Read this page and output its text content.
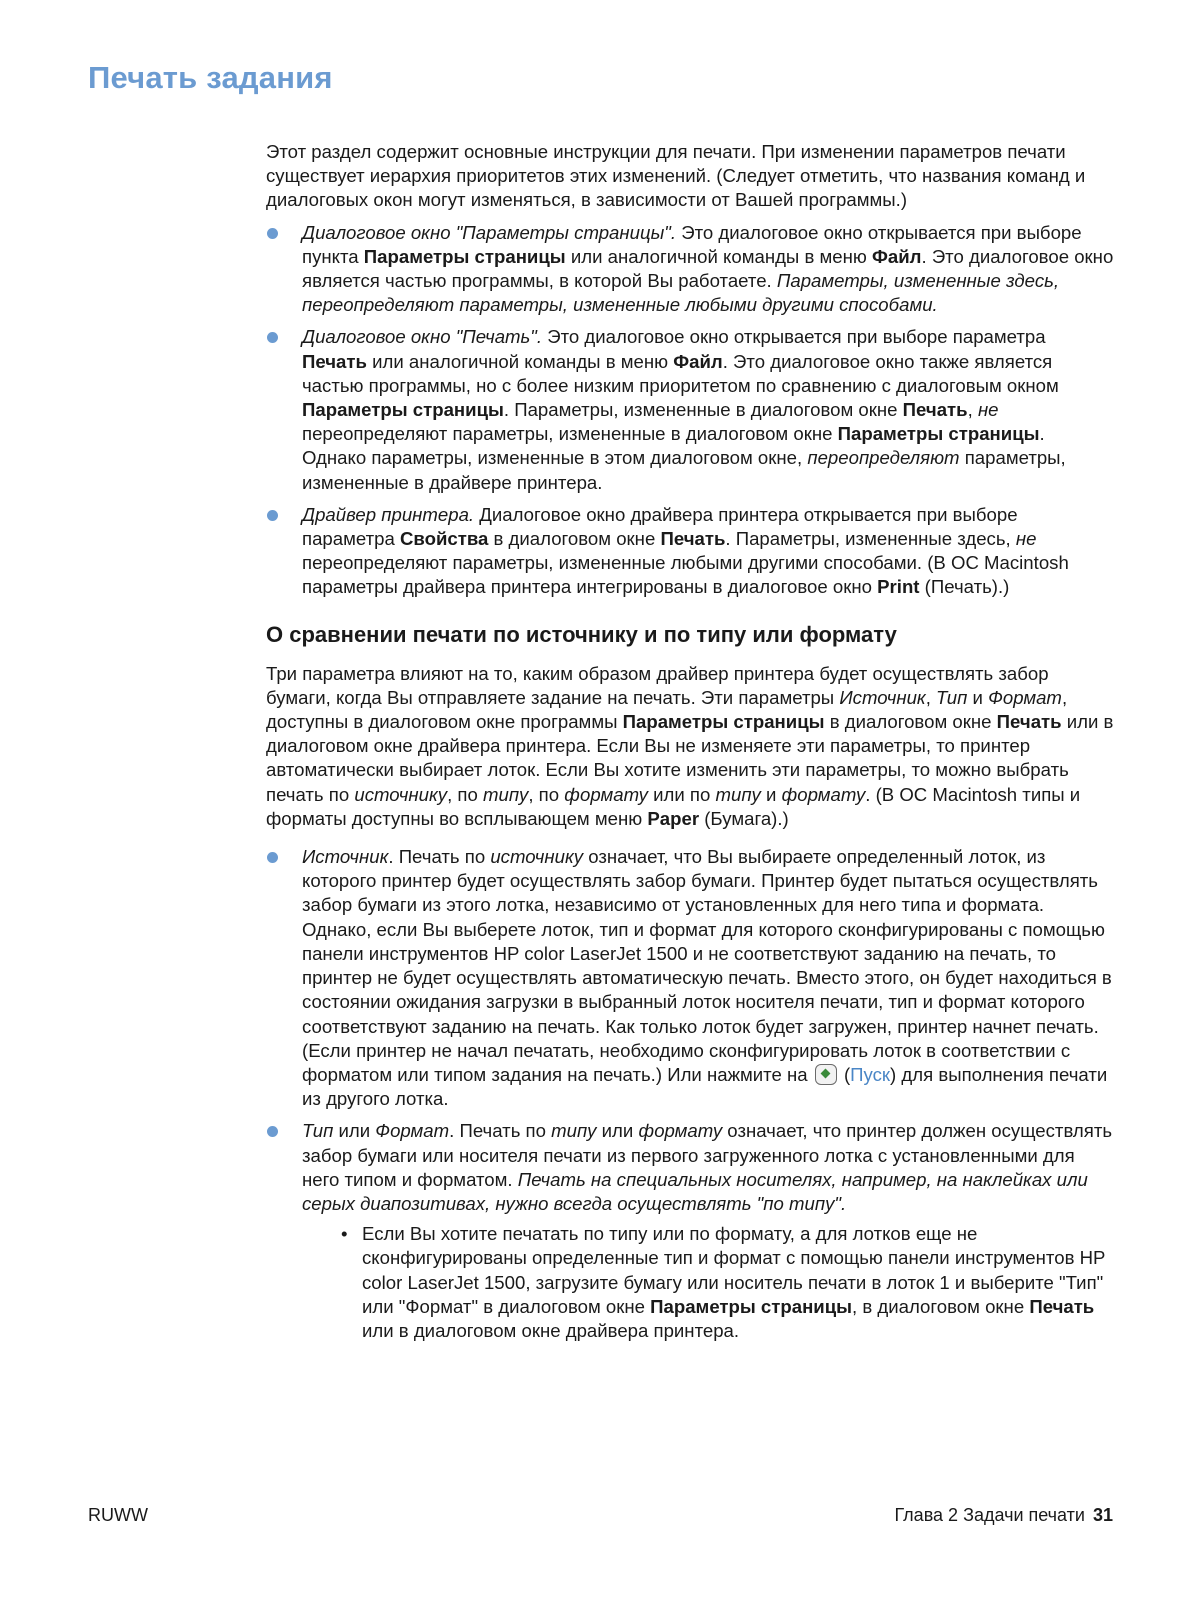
Печать задания

Этот раздел содержит основные инструкции для печати. При изменении параметров печати существует иерархия приоритетов этих изменений. (Следует отметить, что названия команд и диалоговых окон могут изменяться, в зависимости от Вашей программы.)

Диалоговое окно "Параметры страницы". Это диалоговое окно открывается при выборе пункта Параметры страницы или аналогичной команды в меню Файл. Это диалоговое окно является частью программы, в которой Вы работаете. Параметры, измененные здесь, переопределяют параметры, измененные любыми другими способами.

Диалоговое окно "Печать". Это диалоговое окно открывается при выборе параметра Печать или аналогичной команды в меню Файл. Это диалоговое окно также является частью программы, но с более низким приоритетом по сравнению с диалоговым окном Параметры страницы. Параметры, измененные в диалоговом окне Печать, не переопределяют параметры, измененные в диалоговом окне Параметры страницы. Однако параметры, измененные в этом диалоговом окне, переопределяют параметры, измененные в драйвере принтера.

Драйвер принтера. Диалоговое окно драйвера принтера открывается при выборе параметра Свойства в диалоговом окне Печать. Параметры, измененные здесь, не переопределяют параметры, измененные любыми другими способами. (В ОС Macintosh параметры драйвера принтера интегрированы в диалоговое окно Print (Печать).)

О сравнении печати по источнику и по типу или формату

Три параметра влияют на то, каким образом драйвер принтера будет осуществлять забор бумаги, когда Вы отправляете задание на печать. Эти параметры Источник, Тип и Формат, доступны в диалоговом окне программы Параметры страницы в диалоговом окне Печать или в диалоговом окне драйвера принтера. Если Вы не изменяете эти параметры, то принтер автоматически выбирает лоток. Если Вы хотите изменить эти параметры, то можно выбрать печать по источнику, по типу, по формату или по типу и формату. (В ОС Macintosh типы и форматы доступны во всплывающем меню Paper (Бумага).)

Источник. Печать по источнику означает, что Вы выбираете определенный лоток, из которого принтер будет осуществлять забор бумаги. Принтер будет пытаться осуществлять забор бумаги из этого лотка, независимо от установленных для него типа и формата. Однако, если Вы выберете лоток, тип и формат для которого сконфигурированы с помощью панели инструментов HP color LaserJet 1500 и не соответствуют заданию на печать, то принтер не будет осуществлять автоматическую печать. Вместо этого, он будет находиться в состоянии ожидания загрузки в выбранный лоток носителя печати, тип и формат которого соответствуют заданию на печать. Как только лоток будет загружен, принтер начнет печать. (Если принтер не начал печатать, необходимо сконфигурировать лоток в соответствии с форматом или типом задания на печать.) Или нажмите на  (Пуск) для выполнения печати из другого лотка.

Тип или Формат. Печать по типу или формату означает, что принтер должен осуществлять забор бумаги или носителя печати из первого загруженного лотка с установленными для него типом и форматом. Печать на специальных носителях, например, на наклейках или серых диапозитивах, нужно всегда осуществлять "по типу".

• Если Вы хотите печатать по типу или по формату, а для лотков еще не сконфигурированы определенные тип и формат с помощью панели инструментов HP color LaserJet 1500, загрузите бумагу или носитель печати в лоток 1 и выберите "Тип" или "Формат" в диалоговом окне Параметры страницы, в диалоговом окне Печать или в диалоговом окне драйвера принтера.

RUWW	Глава 2 Задачи печати 31
